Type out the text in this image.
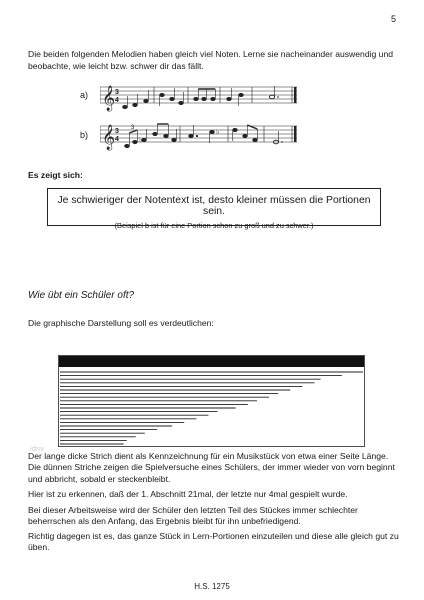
5
Die beiden folgenden Melodien haben gleich viel Noten. Lerne sie nacheinander auswendig und beobachte, wie leicht bzw. schwer dir das fällt.
a) 𝄞 3
4
b) 𝄞 3
4
3
♭
♭
Es zeigt sich:
Je schwieriger der Notentext ist, desto kleiner müssen die Portionen sein.
(Beispiel b ist für eine Portion schon zu groß und zu schwer.)
Wie übt ein Schüler oft?
Die graphische Darstellung soll es verdeutlichen:
idnv
Der lange dicke Strich dient als Kennzeichnung für ein Musikstück von etwa einer Seite Länge. Die dünnen Striche zeigen die Spielversuche eines Schülers, der immer wieder von vorn beginnt und abbricht, sobald er steckenbleibt.
Hier ist zu erkennen, daß der 1. Abschnitt 21mal, der letzte nur 4mal gespielt wurde.
Bei dieser Arbeitsweise wird der Schüler den letzten Teil des Stückes immer schlechter beherrschen als den Anfang, das Ergebnis bleibt für ihn unbefriedigend.
Richtig dagegen ist es, das ganze Stück in Lern-Portionen einzuteilen und diese alle gleich gut zu üben.
H.S. 1275
